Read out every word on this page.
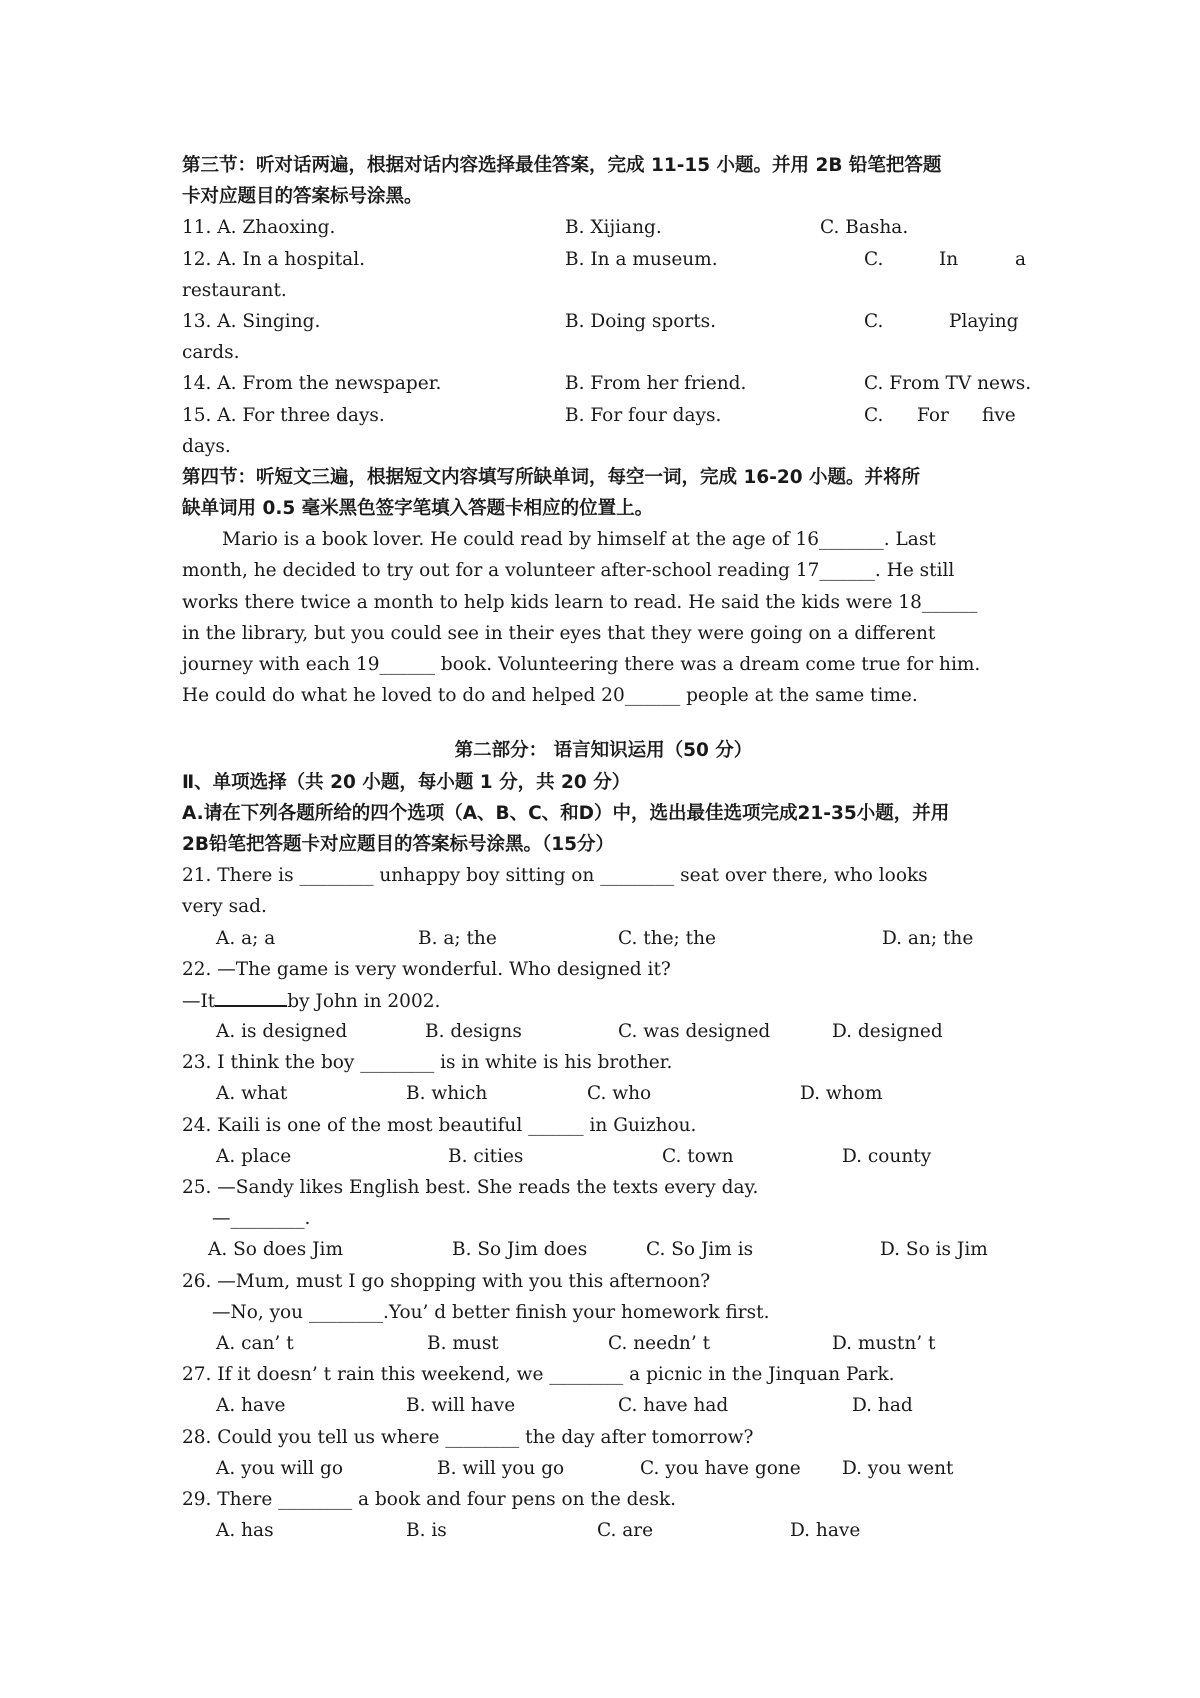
第三节：听对话两遍，根据对话内容选择最佳答案，完成 11-15 小题。并用 2B 铅笔把答题
卡对应题目的答案标号涂黑。
11. A. Zhaoxing.	B. Xijiang.	C. Basha.
12. A. In a hospital.	B. In a museum.	C.	In	a
restaurant.
13. A. Singing.	B. Doing sports.	C.	Playing
cards.
14. A. From the newspaper.	B. From her friend.	C. From TV news.
15. A. For three days.	B. For four days.	C. For five
days.
第四节：听短文三遍，根据短文内容填写所缺单词，每空一词，完成 16-20 小题。并将所
缺单词用 0.5 毫米黑色签字笔填入答题卡相应的位置上。
Mario is a book lover. He could read by himself at the age of 16_______. Last
month, he decided to try out for a volunteer after-school reading 17______. He still
works there twice a month to help kids learn to read. He said the kids were 18______
in the library, but you could see in their eyes that they were going on a different
journey with each 19______ book. Volunteering there was a dream come true for him.
He could do what he loved to do and helped 20______ people at the same time.
第二部分： 语言知识运用（50 分）
Ⅱ、单项选择（共 20 小题，每小题 1 分，共 20 分）
A.请在下列各题所给的四个选项（A、B、C、和D）中，选出最佳选项完成21-35小题，并用
2B铅笔把答题卡对应题目的答案标号涂黑。（15分）
21. There is ________ unhappy boy sitting on ________ seat over there, who looks
very sad.
A. a; a	B. a; the	C. the; the	D. an; the
22. —The game is very wonderful. Who designed it?
—It	by John in 2002.
A. is designed	B. designs	C. was designed	D. designed
23. I think the boy ________ is in white is his brother.
A. what	B. which	C. who	D. whom
24. Kaili is one of the most beautiful ______ in Guizhou.
A. place	B. cities	C. town	D. county
25. —Sandy likes English best. She reads the texts every day.
—________.
A. So does Jim	B. So Jim does	C. So Jim is	D. So is Jim
26. —Mum, must I go shopping with you this afternoon?
—No, you ________.You’ d better finish your homework first.
A. can’ t	B. must	C. needn’ t	D. mustn’ t
27. If it doesn’ t rain this weekend, we ________ a picnic in the Jinquan Park.
A. have	B. will have	C. have had	D. had
28. Could you tell us where ________ the day after tomorrow?
A. you will go	B. will you go	C. you have gone D. you went
29. There ________ a book and four pens on the desk.
A. has	B. is	C. are	D. have
